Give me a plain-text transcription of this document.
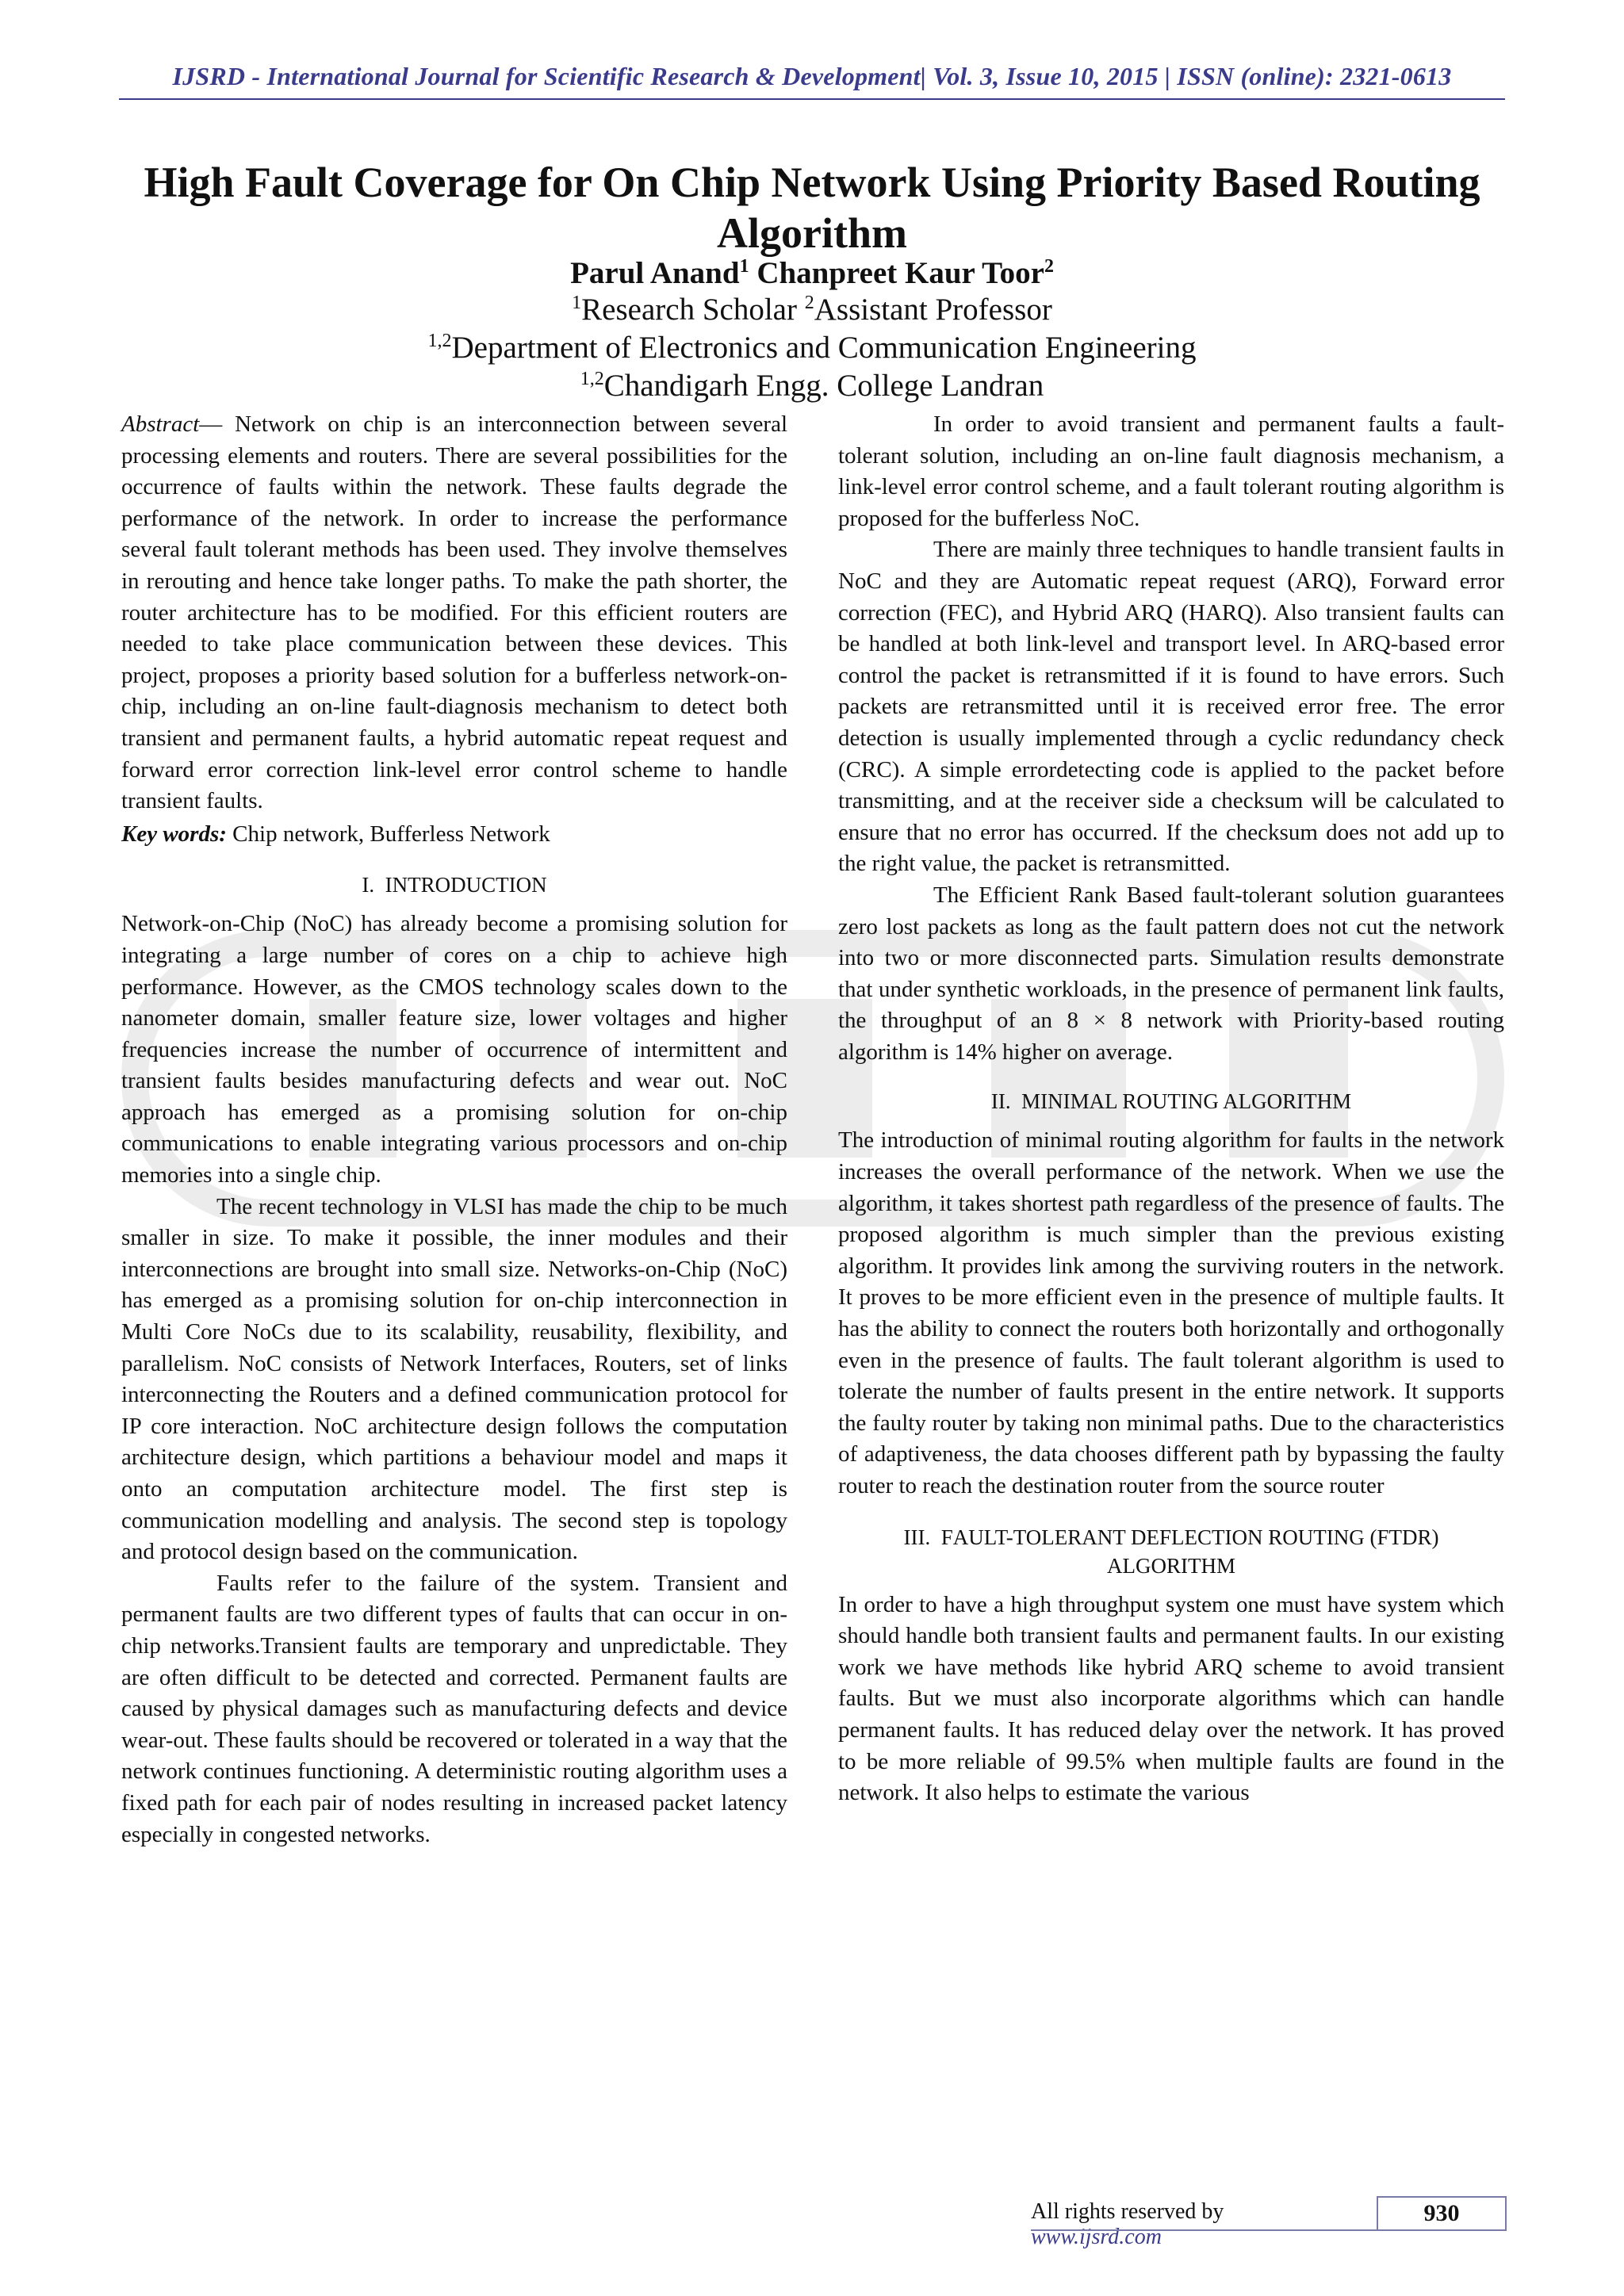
IJSRD - International Journal for Scientific Research & Development| Vol. 3, Issue 10, 2015 | ISSN (online): 2321-0613
High Fault Coverage for On Chip Network Using Priority Based Routing Algorithm
Parul Anand$^1$ Chanpreet Kaur Toor$^2$
$^1$Research Scholar $^2$Assistant Professor
$^{1,2}$Department of Electronics and Communication Engineering
$^{1,2}$Chandigarh Engg. College Landran

Abstract— Network on chip is an interconnection between several processing elements and routers. There are several possibilities for the occurrence of faults within the network. These faults degrade the performance of the network. In order to increase the performance several fault tolerant methods has been used. They involve themselves in rerouting and hence take longer paths. To make the path shorter, the router architecture has to be modified. For this efficient routers are needed to take place communication between these devices. This project, proposes a priority based solution for a bufferless network-on-chip, including an on-line fault-diagnosis mechanism to detect both transient and permanent faults, a hybrid automatic repeat request and forward error correction link-level error control scheme to handle transient faults.

Key words: Chip network, Bufferless Network

I. INTRODUCTION

Network-on-Chip (NoC) has already become a promising solution for integrating a large number of cores on a chip to achieve high performance. However, as the CMOS technology scales down to the nanometer domain, smaller feature size, lower voltages and higher frequencies increase the number of occurrence of intermittent and transient faults besides manufacturing defects and wear out. NoC approach has emerged as a promising solution for on-chip communications to enable integrating various processors and on-chip memories into a single chip.

The recent technology in VLSI has made the chip to be much smaller in size. To make it possible, the inner modules and their interconnections are brought into small size. Networks-on-Chip (NoC) has emerged as a promising solution for on-chip interconnection in Multi Core NoCs due to its scalability, reusability, flexibility, and parallelism. NoC consists of Network Interfaces, Routers, set of links interconnecting the Routers and a defined communication protocol for IP core interaction. NoC architecture design follows the computation architecture design, which partitions a behaviour model and maps it onto an computation architecture model. The first step is communication modelling and analysis. The second step is topology and protocol design based on the communication.

Faults refer to the failure of the system. Transient and permanent faults are two different types of faults that can occur in on-chip networks.Transient faults are temporary and unpredictable. They are often difficult to be detected and corrected. Permanent faults are caused by physical damages such as manufacturing defects and device wear-out. These faults should be recovered or tolerated in a way that the network continues functioning. A deterministic routing algorithm uses a fixed path for each pair of nodes resulting in increased packet latency especially in congested networks.

In order to avoid transient and permanent faults a fault-tolerant solution, including an on-line fault diagnosis mechanism, a link-level error control scheme, and a fault tolerant routing algorithm is proposed for the bufferless NoC.

There are mainly three techniques to handle transient faults in NoC and they are Automatic repeat request (ARQ), Forward error correction (FEC), and Hybrid ARQ (HARQ). Also transient faults can be handled at both link-level and transport level. In ARQ-based error control the packet is retransmitted if it is found to have errors. Such packets are retransmitted until it is received error free. The error detection is usually implemented through a cyclic redundancy check (CRC). A simple errordetecting code is applied to the packet before transmitting, and at the receiver side a checksum will be calculated to ensure that no error has occurred. If the checksum does not add up to the right value, the packet is retransmitted.

The Efficient Rank Based fault-tolerant solution guarantees zero lost packets as long as the fault pattern does not cut the network into two or more disconnected parts. Simulation results demonstrate that under synthetic workloads, in the presence of permanent link faults, the throughput of an 8 × 8 network with Priority-based routing algorithm is 14% higher on average.

II. MINIMAL ROUTING ALGORITHM

The introduction of minimal routing algorithm for faults in the network increases the overall performance of the network. When we use the algorithm, it takes shortest path regardless of the presence of faults. The proposed algorithm is much simpler than the previous existing algorithm. It provides link among the surviving routers in the network. It proves to be more efficient even in the presence of multiple faults. It has the ability to connect the routers both horizontally and orthogonally even in the presence of faults. The fault tolerant algorithm is used to tolerate the number of faults present in the entire network. It supports the faulty router by taking non minimal paths. Due to the characteristics of adaptiveness, the data chooses different path by bypassing the faulty router to reach the destination router from the source router

III. FAULT-TOLERANT DEFLECTION ROUTING (FTDR)

ALGORITHM

In order to have a high throughput system one must have system which should handle both transient faults and permanent faults. In our existing work we have methods like hybrid ARQ scheme to avoid transient faults. But we must also incorporate algorithms which can handle permanent faults. It has reduced delay over the network. It has proved to be more reliable of 99.5% when multiple faults are found in the network. It also helps to estimate the various

All rights reserved by www.ijsrd.com
930
